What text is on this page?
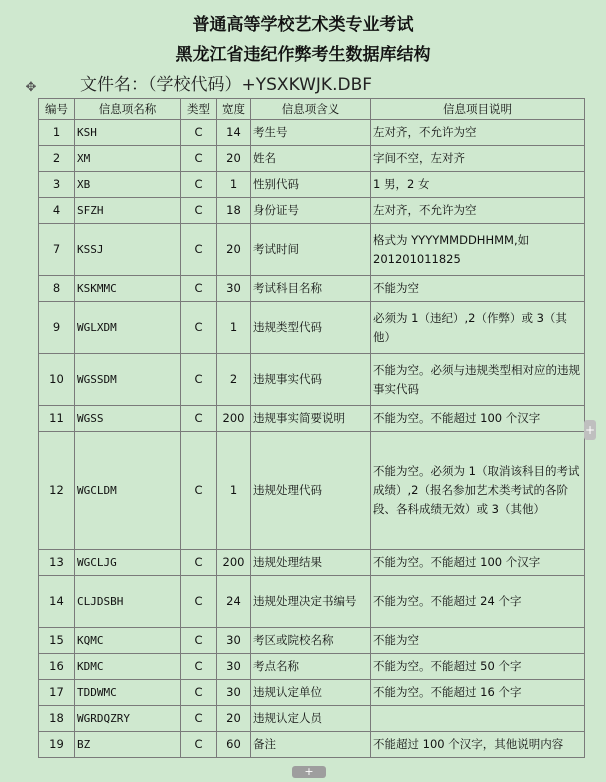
普通高等学校艺术类专业考试
黑龙江省违纪作弊考生数据库结构
文件名：（学校代码）+YSXKWJK.DBF
✥
编号	信息项名称	类型	宽度	信息项含义	信息项目说明
1	KSH	C	14	考生号	左对齐，不允许为空
2	XM	C	20	姓名	字间不空，左对齐
3	XB	C	1	性别代码	1 男，2 女
4	SFZH	C	18	身份证号	左对齐，不允许为空
7	KSSJ	C	20	考试时间	格式为 YYYYMMDDHHMM,如 201201011825
8	KSKMMC	C	30	考试科目名称	不能为空
9	WGLXDM	C	1	违规类型代码	必须为 1（违纪）,2（作弊）或 3（其他）
10	WGSSDM	C	2	违规事实代码	不能为空。必须与违规类型相对应的违规事实代码
11	WGSS	C	200	违规事实简要说明	不能为空。不能超过 100 个汉字
12	WGCLDM	C	1	违规处理代码	不能为空。必须为 1（取消该科目的考试成绩）,2（报名参加艺术类考试的各阶段、各科成绩无效）或 3（其他）
13	WGCLJG	C	200	违规处理结果	不能为空。不能超过 100 个汉字
14	CLJDSBH	C	24	违规处理决定书编号	不能为空。不能超过 24 个字
15	KQMC	C	30	考区或院校名称	不能为空
16	KDMC	C	30	考点名称	不能为空。不能超过 50 个字
17	TDDWMC	C	30	违规认定单位	不能为空。不能超过 16 个字
18	WGRDQZRY	C	20	违规认定人员	
19	BZ	C	60	备注	不能超过 100 个汉字，其他说明内容
+
+
